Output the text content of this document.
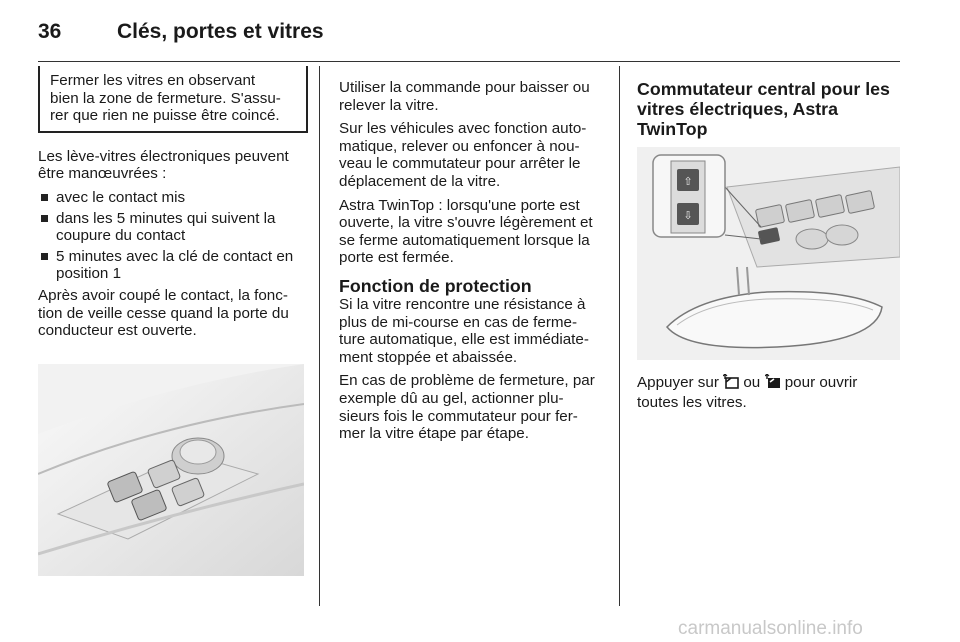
36	Clés, portes et vitres
Fermer les vitres en observant
bien la zone de fermeture. S'assu-
rer que rien ne puisse être coincé.

Les lève-vitres électroniques peuvent
être manœuvrées :

avec le contact mis
dans les 5 minutes qui suivent la
coupure du contact
5 minutes avec la clé de contact en
position 1

Après avoir coupé le contact, la fonc-
tion de veille cesse quand la porte du
conducteur est ouverte.

Utiliser la commande pour baisser ou
relever la vitre.

Sur les véhicules avec fonction auto-
matique, relever ou enfoncer à nou-
veau le commutateur pour arrêter le
déplacement de la vitre.

Astra TwinTop : lorsqu'une porte est
ouverte, la vitre s'ouvre légèrement et
se ferme automatiquement lorsque la
porte est fermée.

Fonction de protection

Si la vitre rencontre une résistance à
plus de mi-course en cas de ferme-
ture automatique, elle est immédiate-
ment stoppée et abaissée.

En cas de problème de fermeture, par
exemple dû au gel, actionner plu-
sieurs fois le commutateur pour fer-
mer la vitre étape par étape.

Commutateur central pour les
vitres électriques, Astra
TwinTop
⇧
⇩
Appuyer sur ou pour ouvrir
toutes les vitres.
carmanualsonline.info
